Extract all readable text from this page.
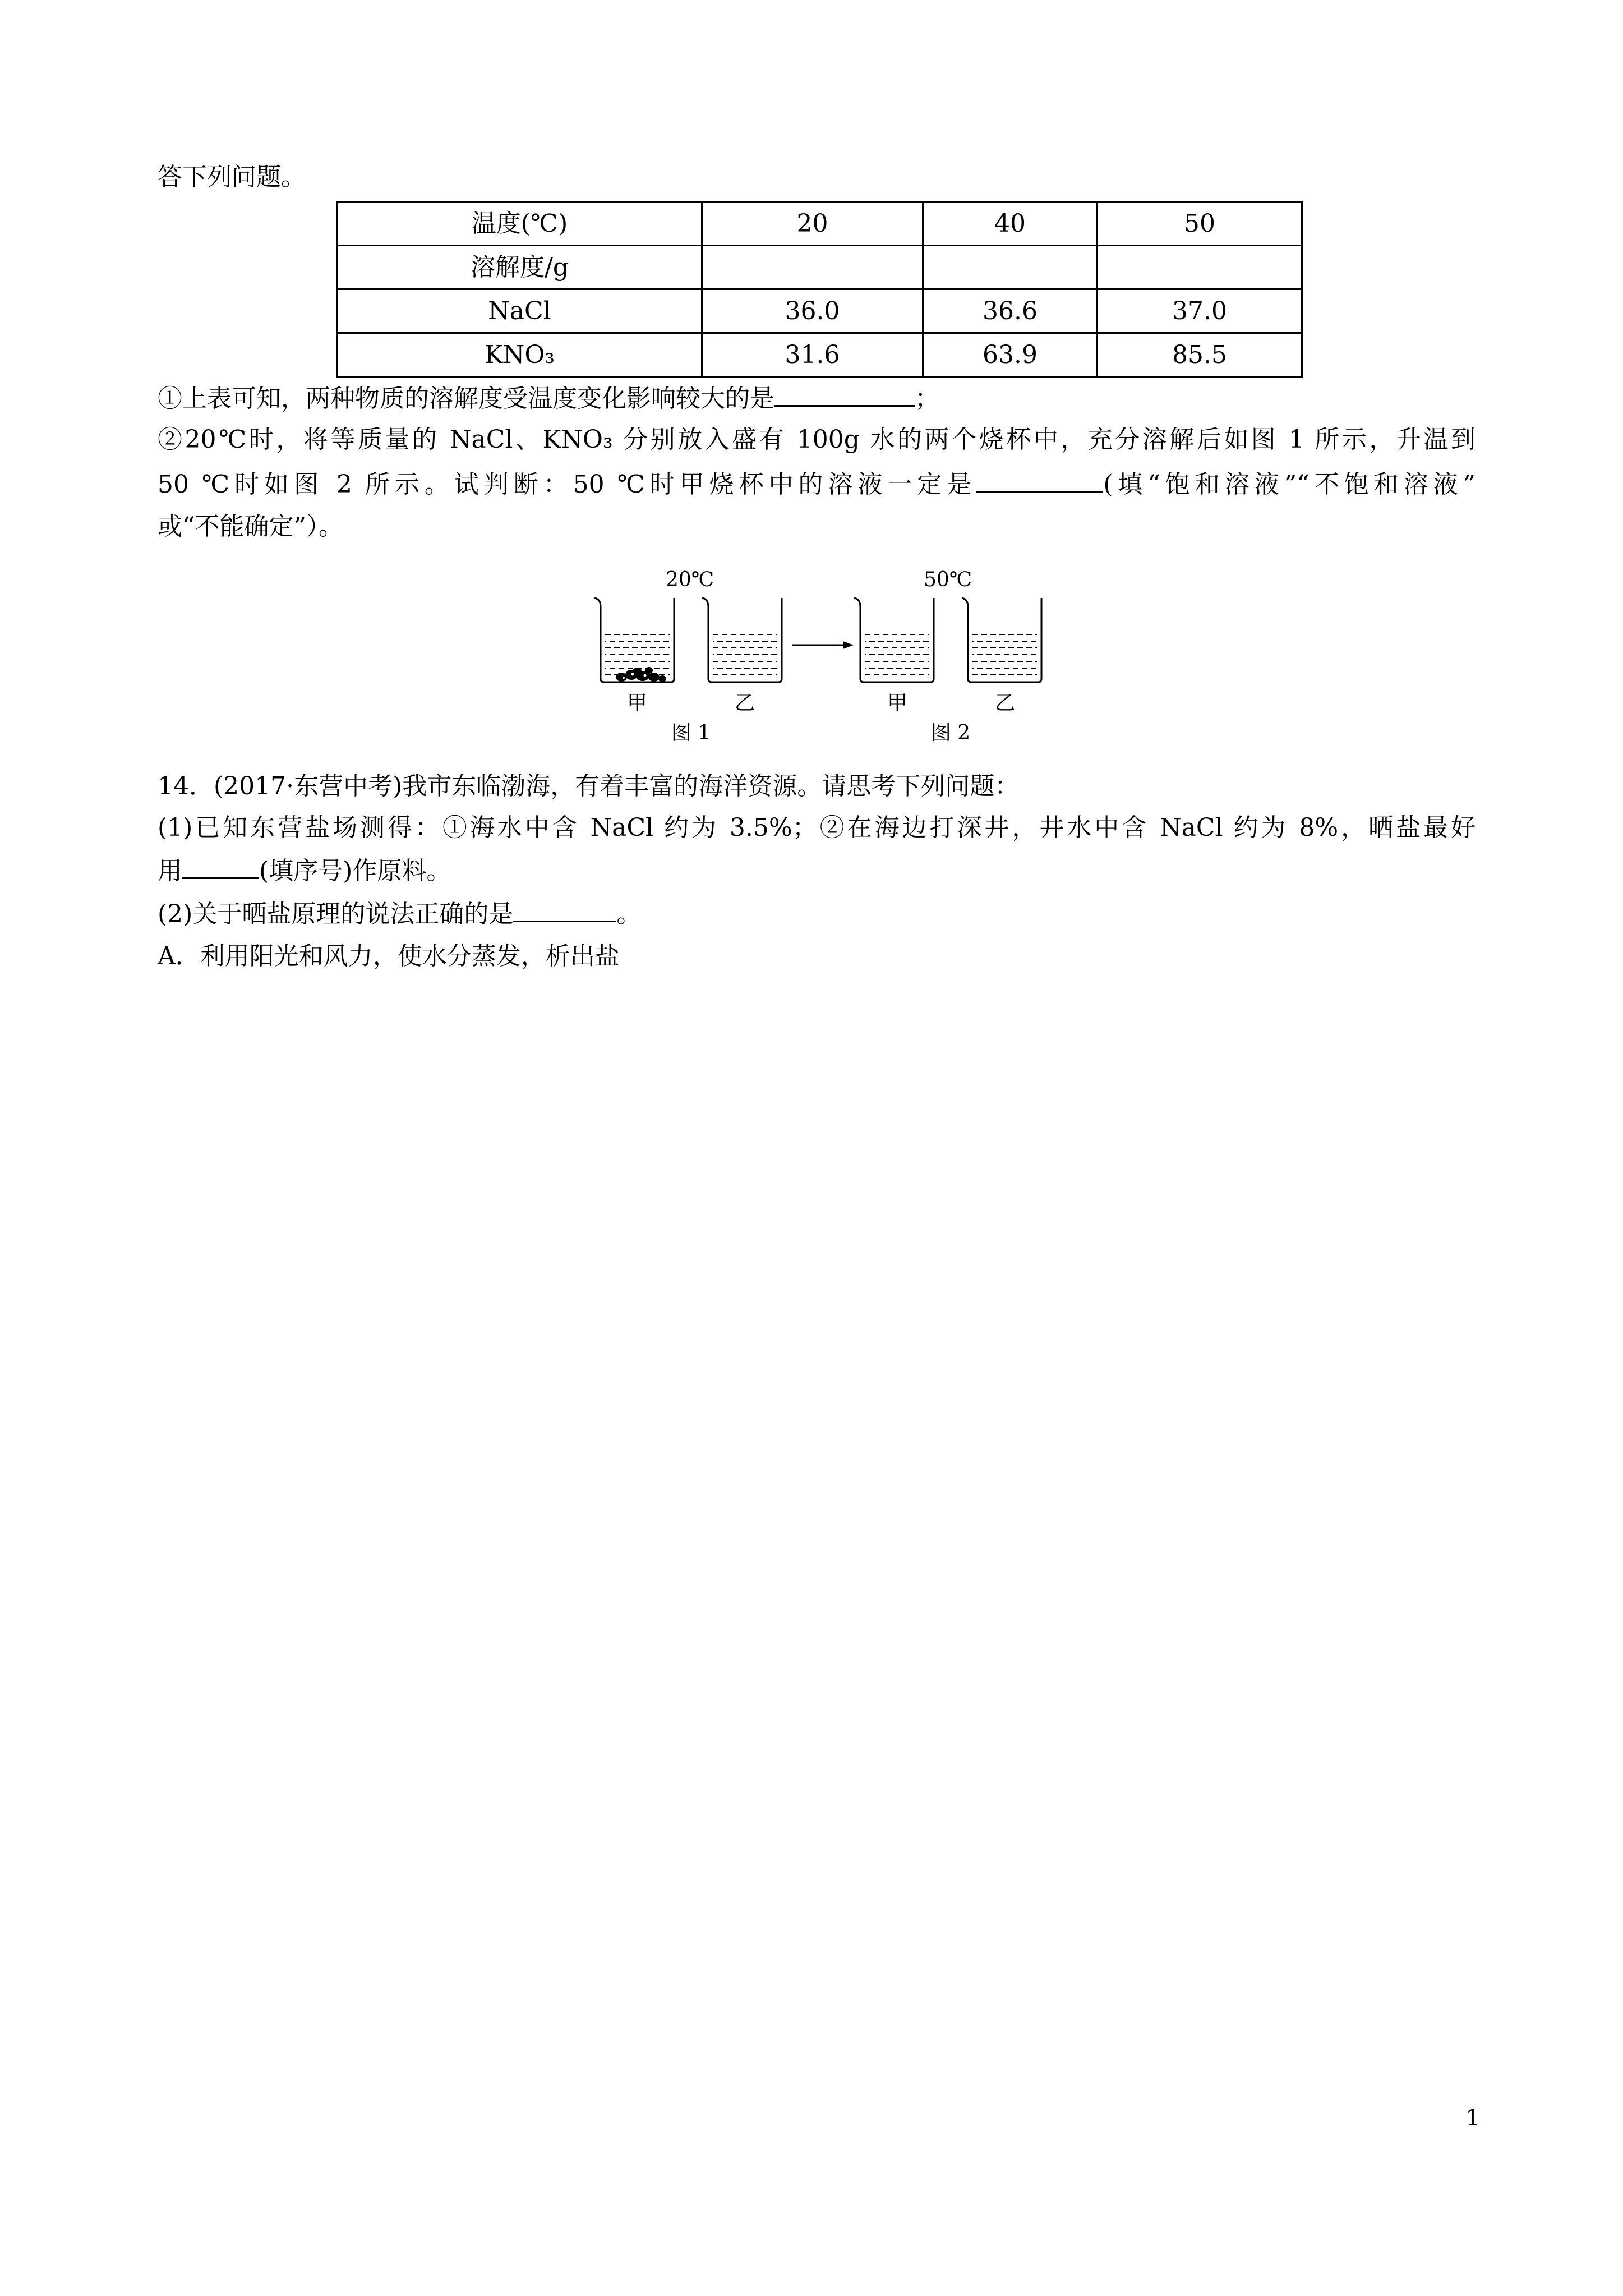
答下列问题。
温度(℃)	20	40	50
溶解度/g			
NaCl	36.0	36.6	37.0
KNO₃	31.6	63.9	85.5
①上表可知，两种物质的溶解度受温度变化影响较大的是	；
②20℃时，将等质量的 NaCl、KNO₃ 分别放入盛有 100g 水的两个烧杯中，充分溶解后如图 1 所示，升温到
50 ℃时如图 2 所示。试判断：50 ℃时甲烧杯中的溶液一定是	(填“饱和溶液”“不饱和溶液”
或“不能确定”）。
20℃	50℃
甲	乙	甲	乙
图 1	图 2
14．(2017·东营中考)我市东临渤海，有着丰富的海洋资源。请思考下列问题：
(1)已知东营盐场测得：①海水中含 NaCl 约为 3.5%；②在海边打深井，井水中含 NaCl 约为 8%，晒盐最好
用	(填序号)作原料。
(2)关于晒盐原理的说法正确的是	。
A．利用阳光和风力，使水分蒸发，析出盐
1
